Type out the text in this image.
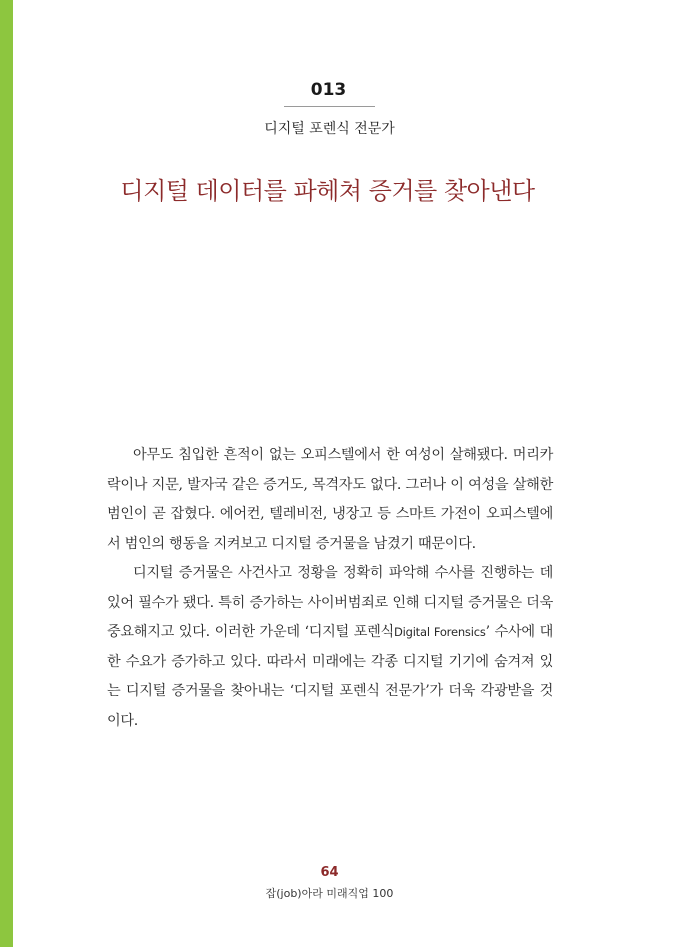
013
디지털 포렌식 전문가
디지털 데이터를 파헤쳐 증거를 찾아낸다

아무도 침입한 흔적이 없는 오피스텔에서 한 여성이 살해됐다. 머리카락이나 지문, 발자국 같은 증거도, 목격자도 없다. 그러나 이 여성을 살해한 범인이 곧 잡혔다. 에어컨, 텔레비전, 냉장고 등 스마트 가전이 오피스텔에서 범인의 행동을 지켜보고 디지털 증거물을 남겼기 때문이다.

디지털 증거물은 사건사고 정황을 정확히 파악해 수사를 진행하는 데 있어 필수가 됐다. 특히 증가하는 사이버범죄로 인해 디지털 증거물은 더욱 중요해지고 있다. 이러한 가운데 ‘디지털 포렌식Digital Forensics’ 수사에 대한 수요가 증가하고 있다. 따라서 미래에는 각종 디지털 기기에 숨겨져 있는 디지털 증거물을 찾아내는 ‘디지털 포렌식 전문가’가 더욱 각광받을 것이다.

64
잡(job)아라 미래직업 100
